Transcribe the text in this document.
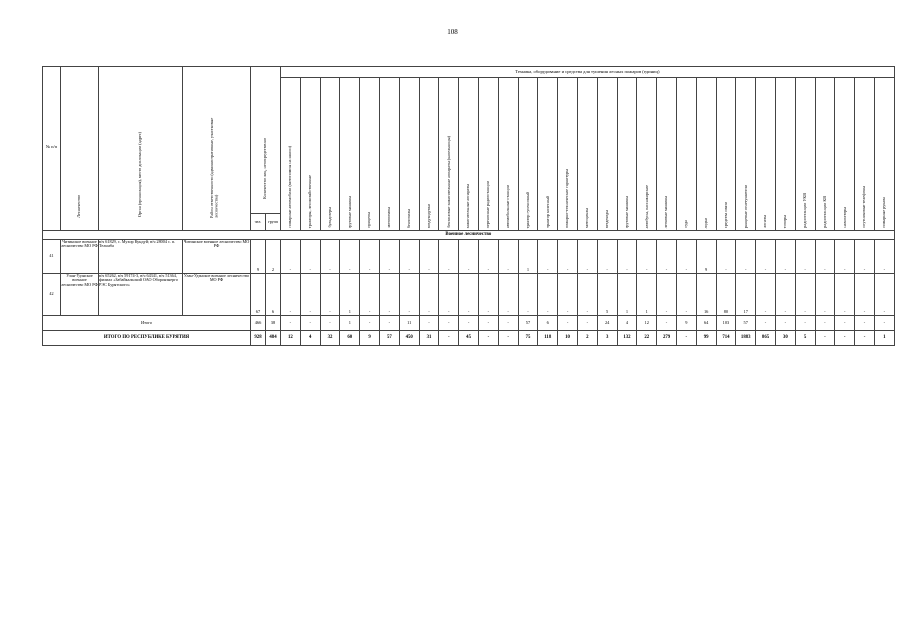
108
№ п/п	Лесничество	Орган (организация), место дислокации (адрес)	Район ответственности (административные, участковые лесничества)	Количество лиц, непосредственно		Техника, оборудование и средства для тушения лесных пожаров (единиц)																														

						пожарные автомобили (мотопомпы на шасси)	тракторы, лесохозяйственные	бульдозеры	грузовые машины	прицепы	мотопомпы	бензопилы	воздуходувки	бензиновые зажигательные аппараты (капельницы)	зажигательные аппараты	переносные радиостанции	автомобильные станции	трактор гусеничный	трактор колесный	пожарно-технические гарнитуры	мотоциклы	вездеходы	грузовые машины	автобусы, пассажирские	легковые машины	суда	лодки	средства связи	ранцевые огнетушители	лопаты	топоры	радиостанции УКВ	радиостанции КВ	навигаторы	спутниковые телефоны	пожарные рукава

				чел.	групп																															
Военное лесничество																																				
41	Читинское военное лесничество МО РФ	в/ч 61829, с. Мухор Кундуй; в/ч 28004 с. п. Тельмба	Читинское военное лесничество МО РФ	9	2	-	-	-	-	-	-	-	-	-	-	-	-	1	-	-	-	-	-	-	-	-	9	-	-	-	-	-	-	-	-	-
42	Улан-Удэнское военное лесничество МО РФ	в/ч 65262, в/ч 59174-3, в/ч 64341, в/ч 51364, филиал «Забайкальский ОАО Оборонэнерго РЭС Бурятского»	Улан-Удэнское военное лесничество МО РФ	67	6	-	-	-	1	-	-	-	-	-	-	-	-	-	-	-	-	5	1	1	-	-	16	80	17	-	-	-	-	-	-	-
Итого				466	38	-	-	-	1	-	-	11	-	-	-	-	-	57	6	-	-	24	4	12	-	9	64	103	57	-	-	-	-	-	-	-
ИТОГО ПО РЕСПУБЛИКЕ БУРЯТИЯ				928	484	12	4	32	60	9	57	450	31	-	45	-	-	75	118	10	2	3	132	22	279	-	99	714	1883	865	30	5	-	-	-	1
